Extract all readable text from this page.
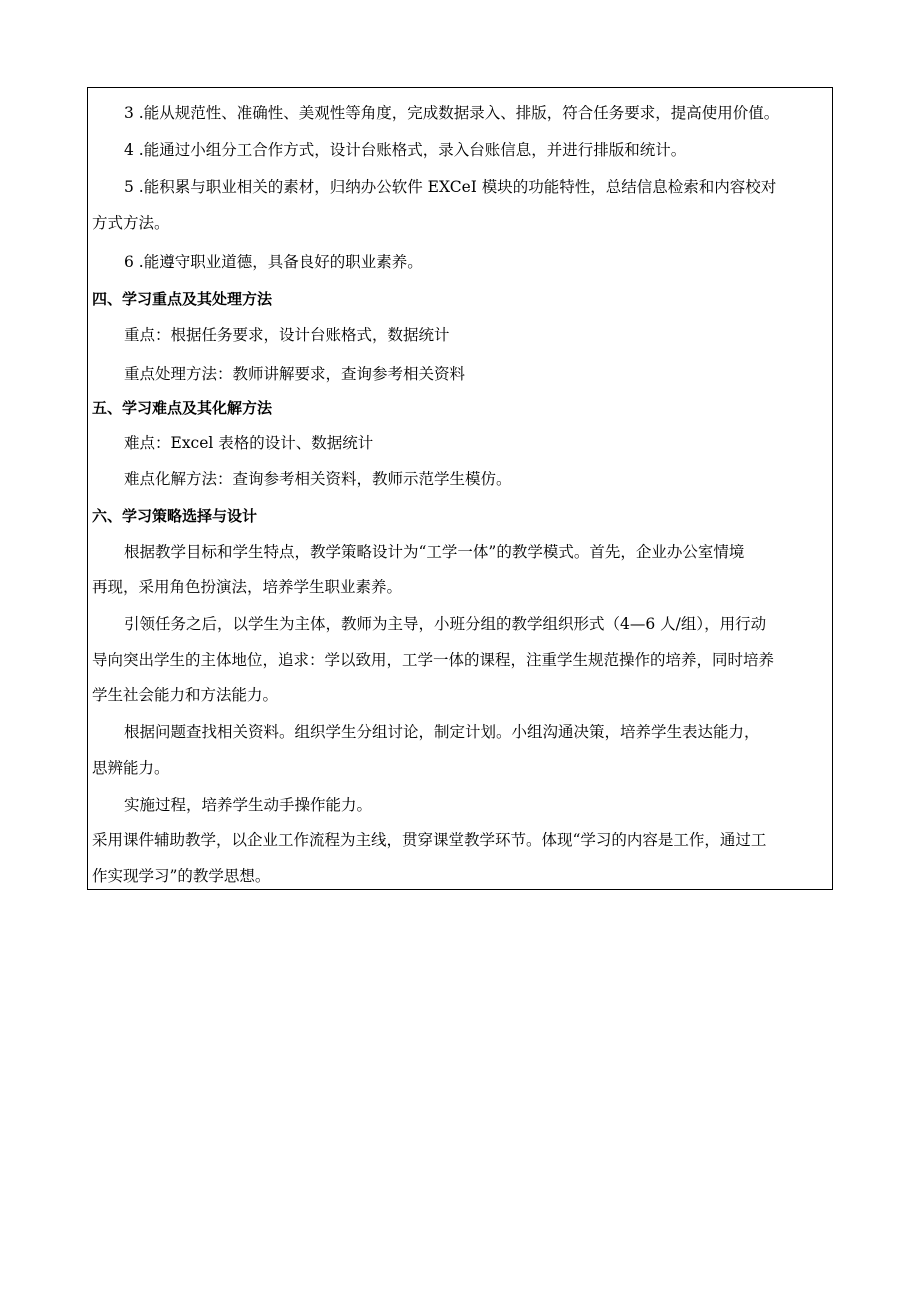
3 .能从规范性、准确性、美观性等角度，完成数据录入、排版，符合任务要求，提高使用价值。
4 .能通过小组分工合作方式，设计台账格式，录入台账信息，并进行排版和统计。
5 .能积累与职业相关的素材，归纳办公软件 EXCeI 模块的功能特性，总结信息检索和内容校对
方式方法。
6 .能遵守职业道德，具备良好的职业素养。
四、学习重点及其处理方法
重点：根据任务要求，设计台账格式，数据统计
重点处理方法：教师讲解要求，查询参考相关资料
五、学习难点及其化解方法
难点：Excel 表格的设计、数据统计
难点化解方法：查询参考相关资料，教师示范学生模仿。
六、学习策略选择与设计
根据教学目标和学生特点，教学策略设计为“工学一体”的教学模式。首先，企业办公室情境
再现，采用角色扮演法，培养学生职业素养。
引领任务之后，以学生为主体，教师为主导，小班分组的教学组织形式（4—6 人/组），用行动
导向突出学生的主体地位，追求：学以致用，工学一体的课程，注重学生规范操作的培养，同时培养
学生社会能力和方法能力。
根据问题查找相关资料。组织学生分组讨论，制定计划。小组沟通决策，培养学生表达能力，
思辨能力。
实施过程，培养学生动手操作能力。
采用课件辅助教学，以企业工作流程为主线，贯穿课堂教学环节。体现“学习的内容是工作，通过工
作实现学习”的教学思想。
